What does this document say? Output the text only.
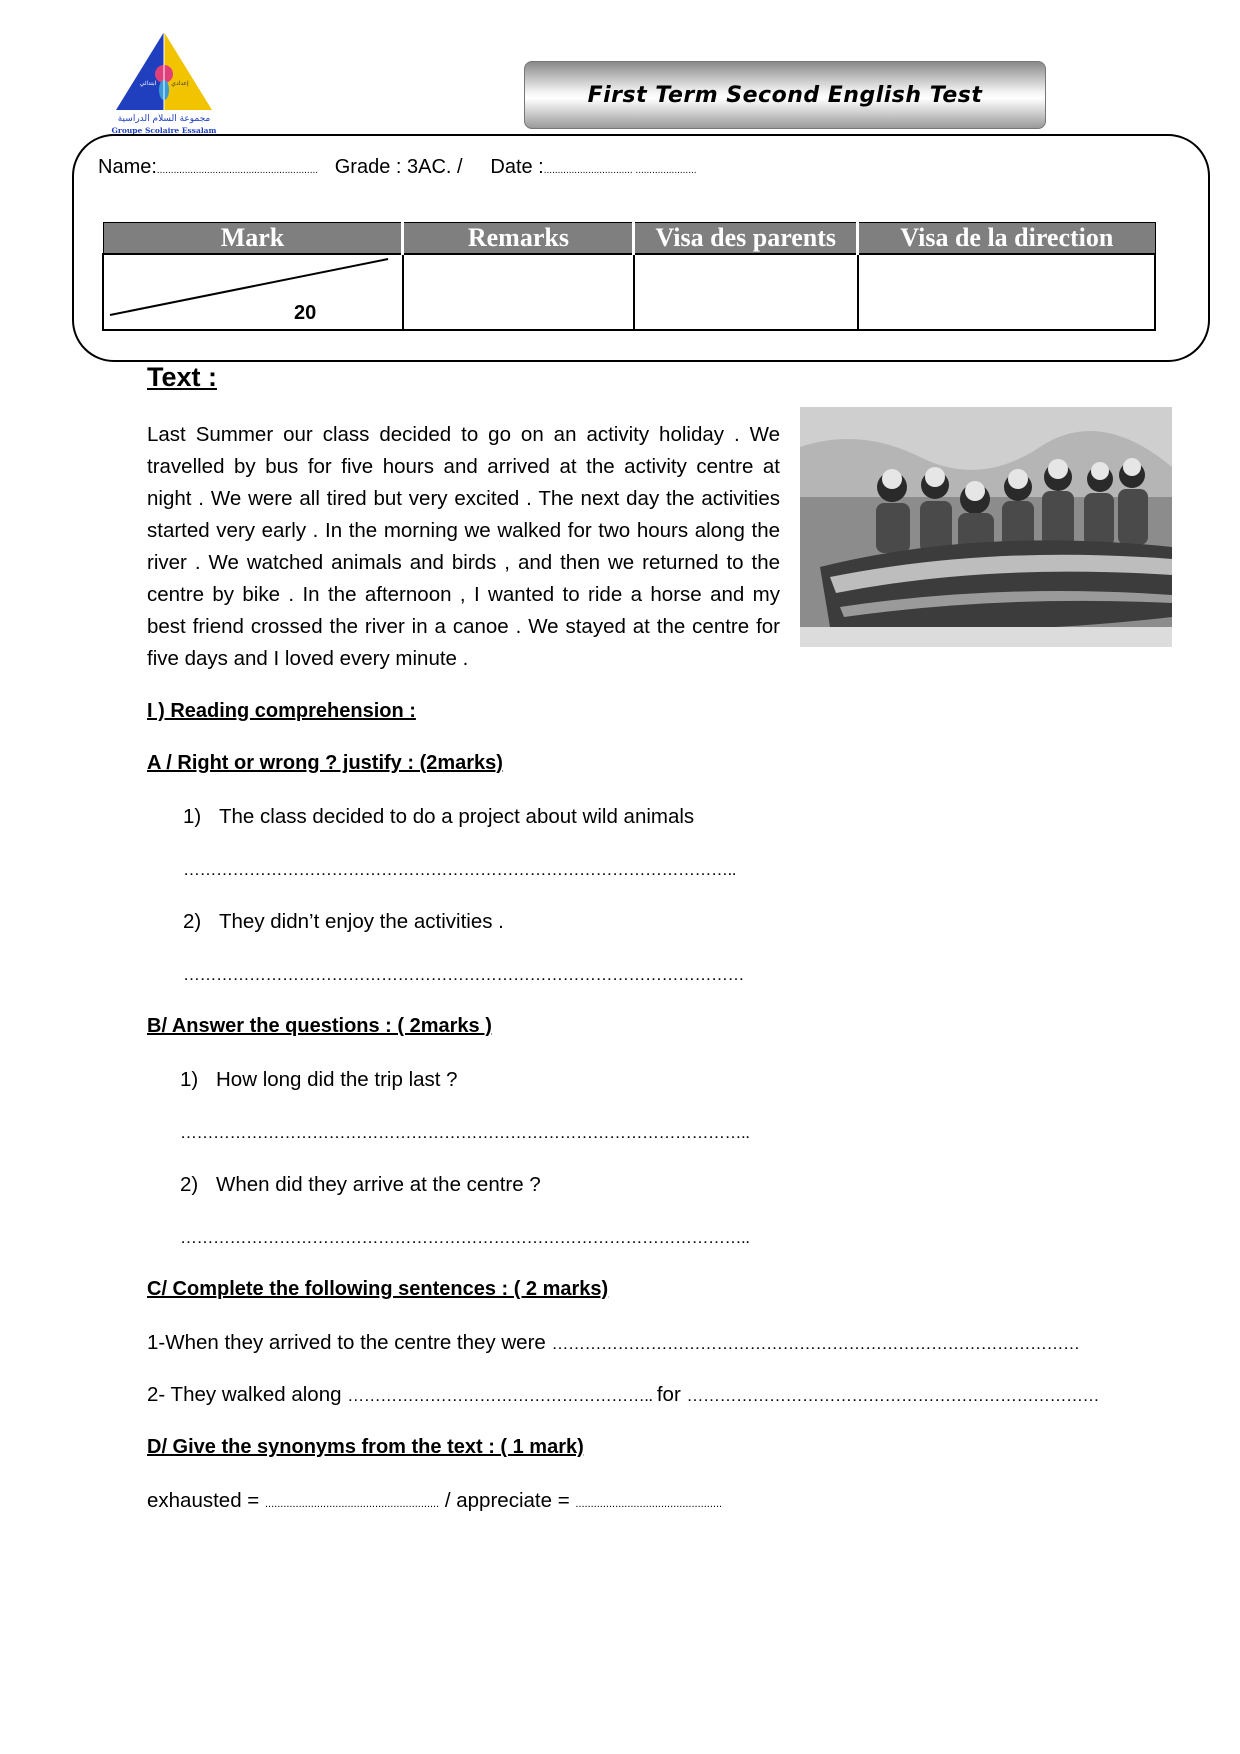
ابتدائي إعدادي
مجموعة السلام الدراسية
Groupe Scolaire Essalam
First Term Second English Test
Name:.......................................................... Grade : 3AC. / Date :................................ ......................
Mark	Remarks	Visa des parents	Visa de la direction

20			

Text :
Last Summer our class decided to go on an activity holiday . We travelled by bus for five hours and arrived at the activity centre at night . We were all tired but very excited . The next day the activities started very early . In the morning we walked for two hours along the river . We watched animals and birds , and then we returned to the centre by bike . In the afternoon , I wanted to ride a horse and my best friend crossed the river in a canoe . We stayed at the centre for five days and I loved every minute .
I ) Reading comprehension :
A / Right or wrong ? justify : (2marks)
1) The class decided to do a project about wild animals
………………………………………………………………………………………..
2) They didn’t enjoy the activities .
…………………………………………………………………………………………
B/ Answer the questions : ( 2marks )
1) How long did the trip last ?
…………………………………………………………………………………………..
2) When did they arrive at the centre ?
…………………………………………………………………………………………..
C/ Complete the following sentences : ( 2 marks)
1-When they arrived to the centre they were ……………………………………………………………………………………
2- They walked along ……………………………………………….. for …………………………………………………………………
D/ Give the synonyms from the text : ( 1 mark)
exhausted = ......................................................... / appreciate = ................................................
